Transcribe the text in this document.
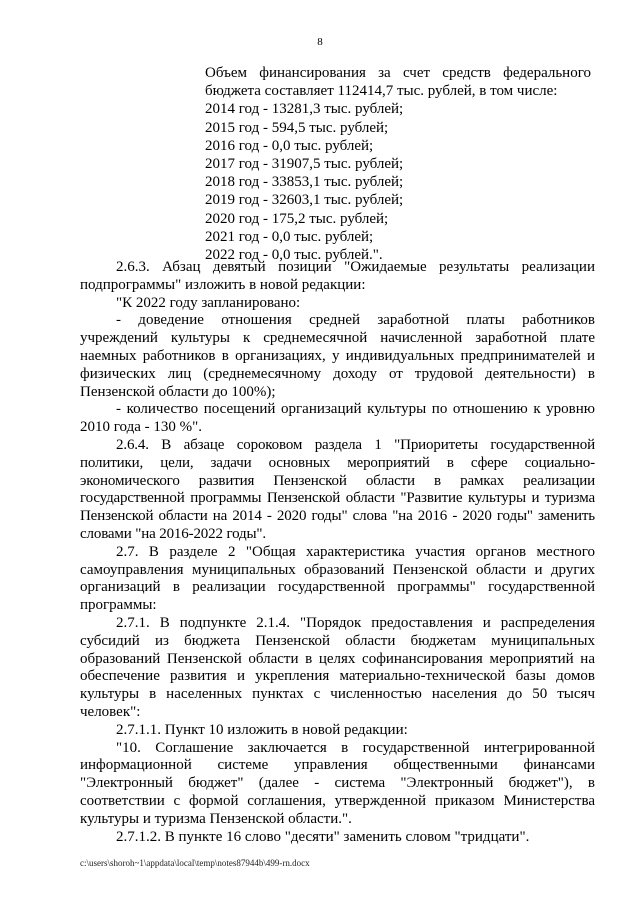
8
Объем финансирования за счет средств федерального бюджета составляет 112414,7 тыс. рублей, в том числе:
2014 год - 13281,3 тыс. рублей;
2015 год - 594,5 тыс. рублей;
2016 год - 0,0 тыс. рублей;
2017 год - 31907,5 тыс. рублей;
2018 год - 33853,1 тыс. рублей;
2019 год - 32603,1 тыс. рублей;
2020 год - 175,2 тыс. рублей;
2021 год - 0,0 тыс. рублей;
2022 год - 0,0 тыс. рублей.".

2.6.3. Абзац девятый позиции "Ожидаемые результаты реализации подпрограммы" изложить в новой редакции:

"К 2022 году запланировано:

- доведение отношения средней заработной платы работников учреждений культуры к среднемесячной начисленной заработной плате наемных работников в организациях, у индивидуальных предпринимателей и физических лиц (среднемесячному доходу от трудовой деятельности) в Пензенской области до 100%);

- количество посещений организаций культуры по отношению к уровню 2010 года - 130 %".

2.6.4. В абзаце сороковом раздела 1 "Приоритеты государственной политики, цели, задачи основных мероприятий в сфере социально-экономического развития Пензенской области в рамках реализации государственной программы Пензенской области "Развитие культуры и туризма Пензенской области на 2014 - 2020 годы" слова "на 2016 - 2020 годы" заменить словами "на 2016-2022 годы".

2.7. В разделе 2 "Общая характеристика участия органов местного самоуправления муниципальных образований Пензенской области и других организаций в реализации государственной программы" государственной программы:

2.7.1. В подпункте 2.1.4. "Порядок предоставления и распределения субсидий из бюджета Пензенской области бюджетам муниципальных образований Пензенской области в целях софинансирования мероприятий на обеспечение развития и укрепления материально-технической базы домов культуры в населенных пунктах с численностью населения до 50 тысяч человек":

2.7.1.1. Пункт 10 изложить в новой редакции:

"10. Соглашение заключается в государственной интегрированной информационной системе управления общественными финансами "Электронный бюджет" (далее - система "Электронный бюджет"), в соответствии с формой соглашения, утвержденной приказом Министерства культуры и туризма Пензенской области.".

2.7.1.2. В пункте 16 слово "десяти" заменить словом "тридцати".

c:\users\shoroh~1\appdata\local\temp\notes87944b\499-rn.docx
